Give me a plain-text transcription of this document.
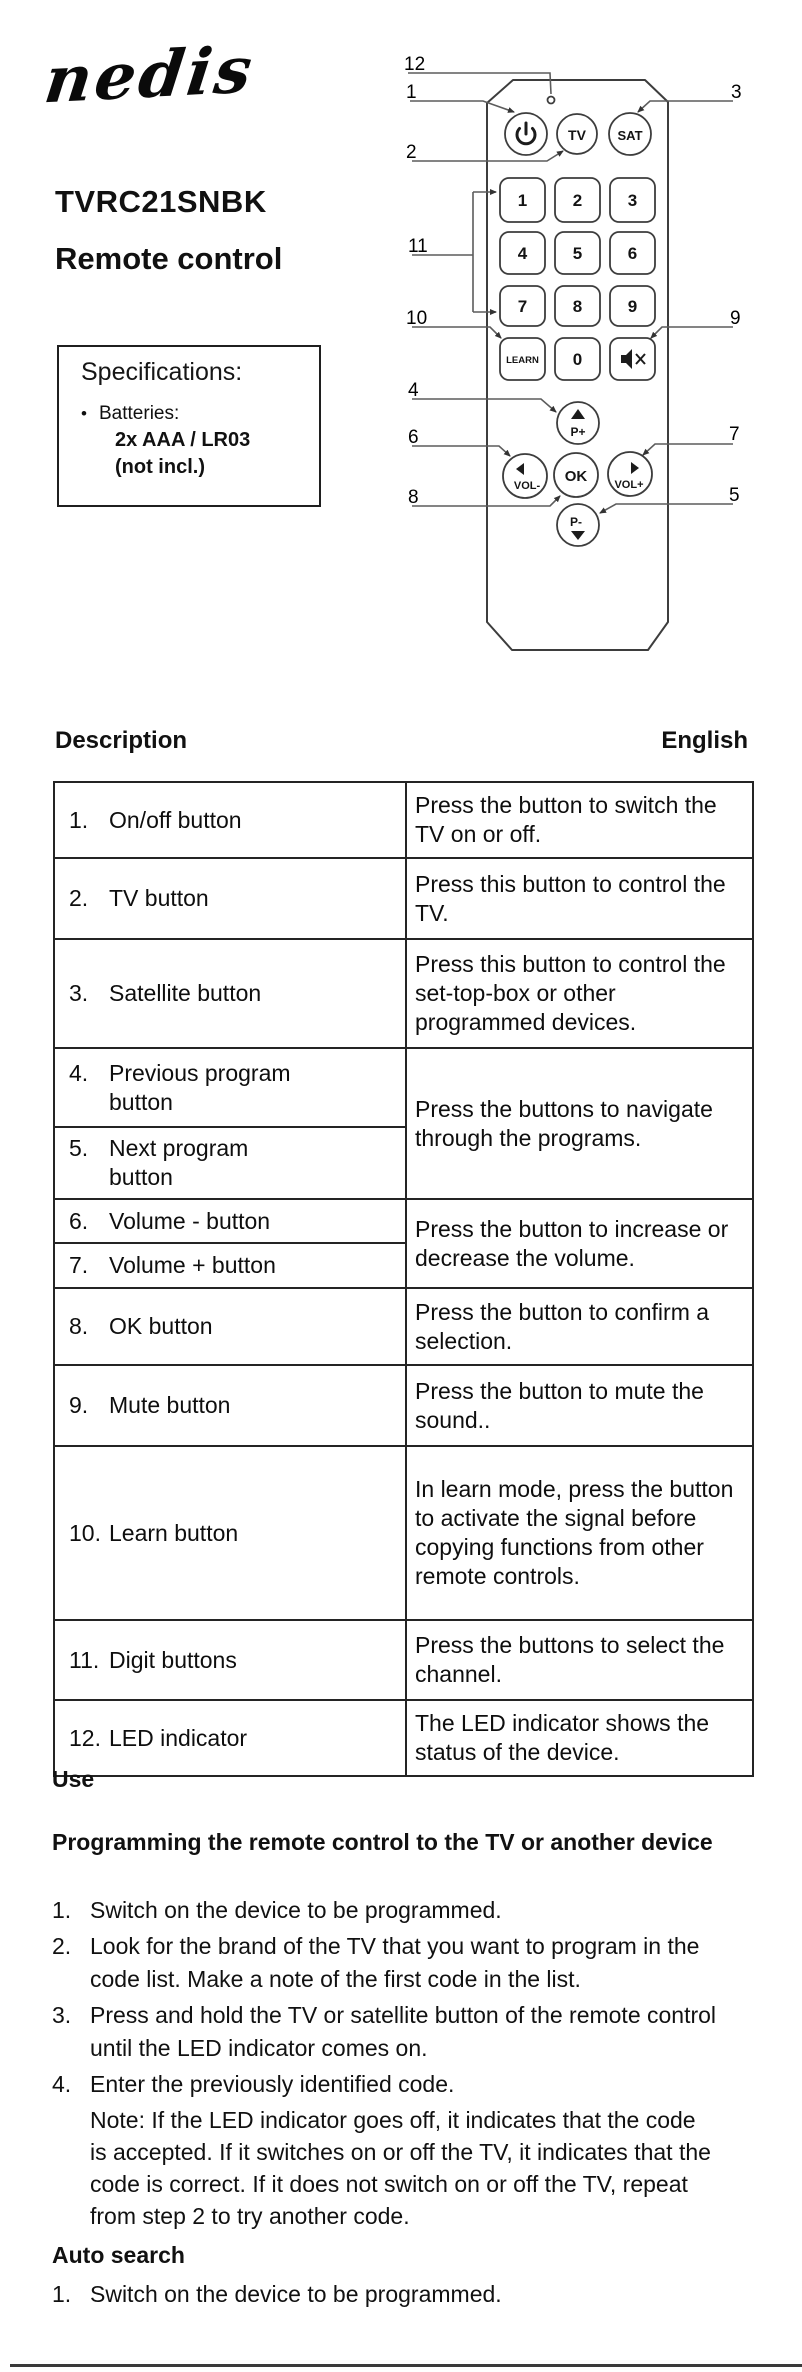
nedis
TVRC21SNBK
Remote control
Specifications:
• Batteries:
2x AAA / LR03
(not incl.)
TV SAT
1	2	3
4	5	6
7	8	9
LEARN 0
P+
VOL-
OK VOL+
P-
12
1	3
2
11
10	9
4
6	7
8	5
Description	English
1. On/off button	Press the button to switch the TV on or off.

2. TV button	Press this button to control the TV.

3. Satellite button	Press this button to control the set-top-box or other programmed devices.

4. Previous program button	Press the buttons to navigate through the programs.

5. Next program button	

6. Volume - button	Press the button to increase or decrease the volume.

7. Volume + button	

8. OK button	Press the button to confirm a selection.

9. Mute button	Press the button to mute the sound..

10. Learn button	In learn mode, press the button to activate the signal before copying functions from other remote controls.

11. Digit buttons	Press the buttons to select the channel.

12. LED indicator	The LED indicator shows the status of the device.
Use
Programming the remote control to the TV or another device
1. Switch on the device to be programmed.
2. Look for the brand of the TV that you want to program in the code list. Make a note of the first code in the list.
3. Press and hold the TV or satellite button of the remote control until the LED indicator comes on.
4. Enter the previously identified code.
Note: If the LED indicator goes off, it indicates that the code is accepted. If it switches on or off the TV, it indicates that the code is correct. If it does not switch on or off the TV, repeat from step 2 to try another code.
Auto search
1. Switch on the device to be programmed.
